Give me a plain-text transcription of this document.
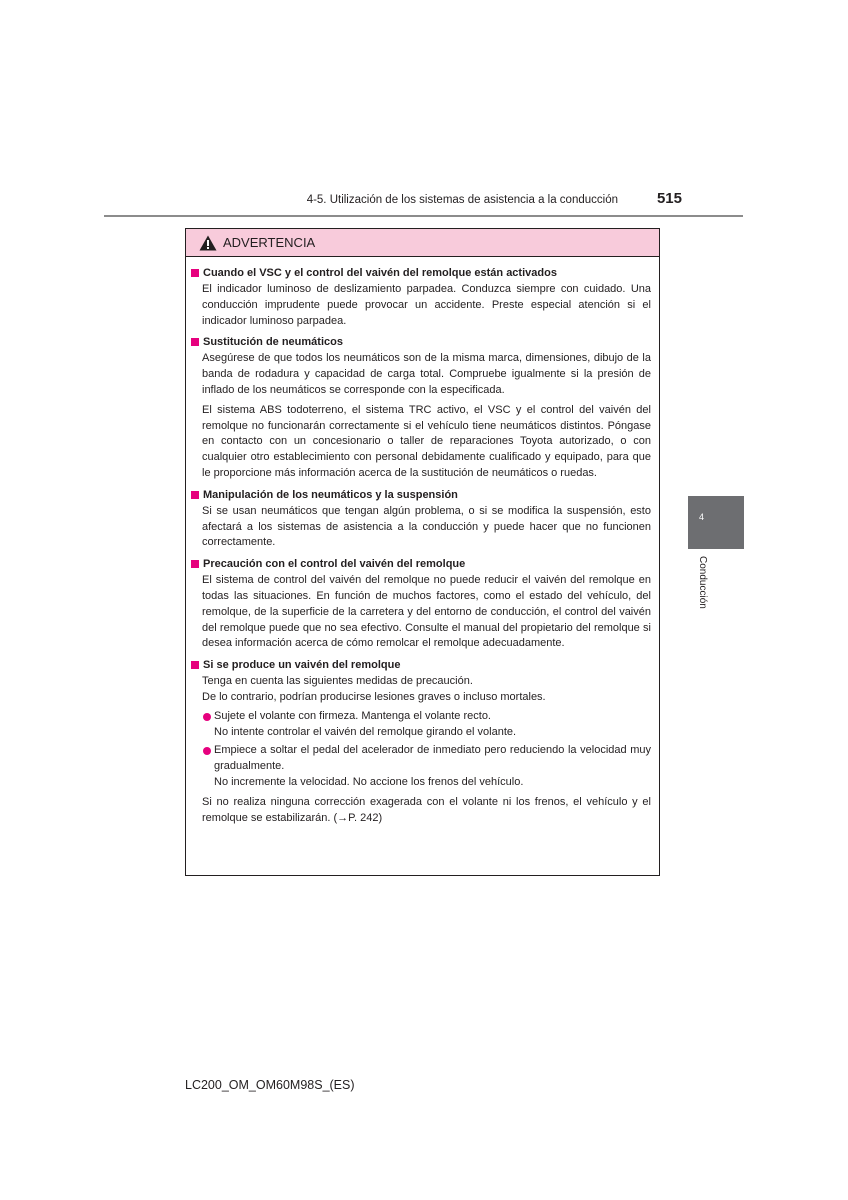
4-5. Utilización de los sistemas de asistencia a la conducción	515
4
Conducción
ADVERTENCIA
Cuando el VSC y el control del vaivén del remolque están activados
El indicador luminoso de deslizamiento parpadea. Conduzca siempre con cuidado. Una conducción imprudente puede provocar un accidente. Preste especial atención si el indicador luminoso parpadea.
Sustitución de neumáticos
Asegúrese de que todos los neumáticos son de la misma marca, dimensiones, dibujo de la banda de rodadura y capacidad de carga total. Compruebe igualmente si la presión de inflado de los neumáticos se corresponde con la especificada.
El sistema ABS todoterreno, el sistema TRC activo, el VSC y el control del vaivén del remolque no funcionarán correctamente si el vehículo tiene neumáticos distintos. Póngase en contacto con un concesionario o taller de reparaciones Toyota autorizado, o con cualquier otro establecimiento con personal debidamente cualificado y equipado, para que le proporcione más información acerca de la sustitución de neumáticos o ruedas.
Manipulación de los neumáticos y la suspensión
Si se usan neumáticos que tengan algún problema, o si se modifica la suspensión, esto afectará a los sistemas de asistencia a la conducción y puede hacer que no funcionen correctamente.
Precaución con el control del vaivén del remolque
El sistema de control del vaivén del remolque no puede reducir el vaivén del remolque en todas las situaciones. En función de muchos factores, como el estado del vehículo, del remolque, de la superficie de la carretera y del entorno de conducción, el control del vaivén del remolque puede que no sea efectivo. Consulte el manual del propietario del remolque si desea información acerca de cómo remolcar el remolque adecuadamente.
Si se produce un vaivén del remolque
Tenga en cuenta las siguientes medidas de precaución.
De lo contrario, podrían producirse lesiones graves o incluso mortales.
Sujete el volante con firmeza. Mantenga el volante recto.
No intente controlar el vaivén del remolque girando el volante.
Empiece a soltar el pedal del acelerador de inmediato pero reduciendo la velocidad muy gradualmente.
No incremente la velocidad. No accione los frenos del vehículo.
Si no realiza ninguna corrección exagerada con el volante ni los frenos, el vehículo y el remolque se estabilizarán. (→P. 242)
LC200_OM_OM60M98S_(ES)
